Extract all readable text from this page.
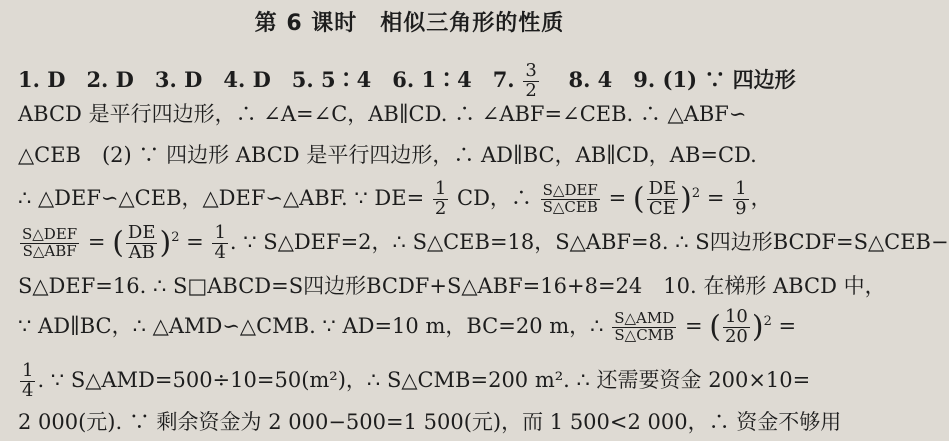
第 6 课时　相似三角形的性质
1. D　2. D　3. D　4. D　5. 5∶4　6. 1∶4　7. $\frac{3}{2}$ 　8. 4　9. (1) ∵ 四边形
ABCD 是平行四边形，∴ ∠A=∠C，AB∥CD. ∴ ∠ABF=∠CEB. ∴ △ABF∽
△CEB　(2) ∵ 四边形 ABCD 是平行四边形，∴ AD∥BC，AB∥CD，AB=CD.
∴ △DEF∽△CEB，△DEF∽△ABF. ∵ $DE= \frac{1}{2}$ CD，∴ $\frac{\text{S△DEF}}{\text{S△CEB}}$ = ( $\frac{DE}{CE} )^2 = \frac{1}{9}$ ，
$\frac{\text{S△DEF}}{\text{S△ABF}}$ = ( $\frac{DE}{AB} )^2 = \frac{1}{4}$ . ∵ S△DEF=2，∴ S△CEB=18，S△ABF=8. ∴ S四边形BCDF=S△CEB−
S△DEF=16. ∴ S□ABCD=S四边形BCDF+S△ABF=16+8=24　10. 在梯形 ABCD 中，
∵ AD∥BC，∴ △AMD∽△CMB. ∵ AD=10 m，BC=20 m，∴ $\frac{\text{S△AMD}}{\text{S△CMB}}$ = ( $\frac{10}{20} )^2$ =
$\frac{1}{4}$ . ∵ S△AMD=500÷10=50(m²)，∴ S△CMB=200 m². ∴ 还需要资金 200×10=
2 000(元). ∵ 剩余资金为 2 000−500=1 500(元)，而 1 500<2 000，∴ 资金不够用
